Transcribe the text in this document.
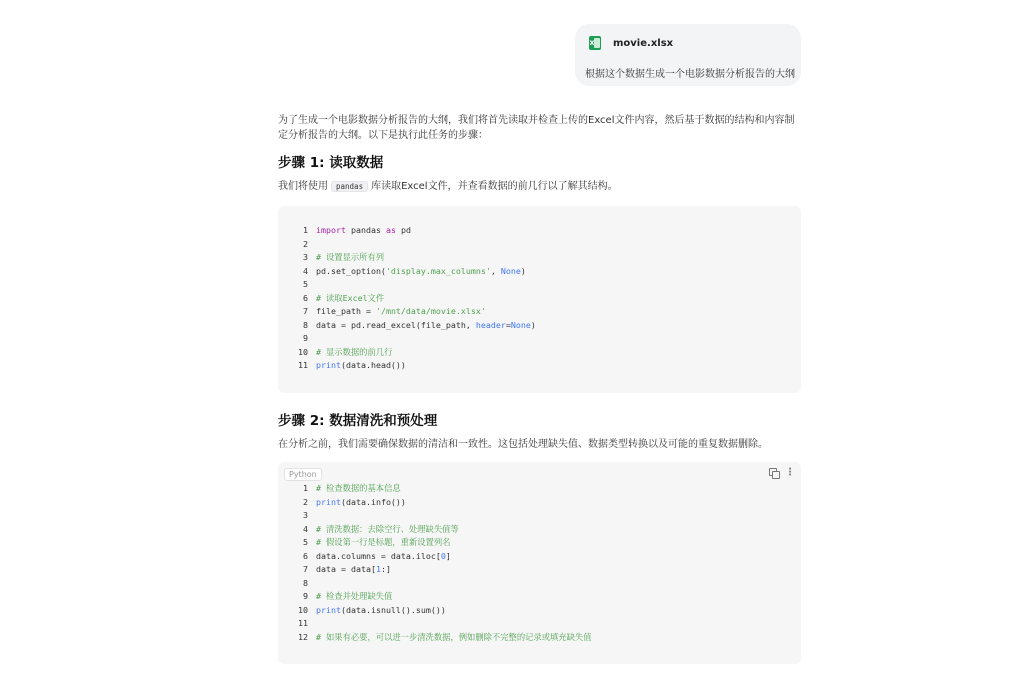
x
movie.xlsx
根据这个数据生成一个电影数据分析报告的大纲
为了生成一个电影数据分析报告的大纲，我们将首先读取并检查上传的Excel文件内容，然后基于数据的结构和内容制定分析报告的大纲。以下是执行此任务的步骤：
步骤 1: 读取数据
我们将使用 pandas 库读取Excel文件，并查看数据的前几行以了解其结构。
1 import pandas as pd
2
3 # 设置显示所有列
4 pd.set_option('display.max_columns', None)
5
6 # 读取Excel文件
7 file_path = '/mnt/data/movie.xlsx'
8 data = pd.read_excel(file_path, header=None)
9
10 # 显示数据的前几行
11 print(data.head())
步骤 2: 数据清洗和预处理
在分析之前，我们需要确保数据的清洁和一致性。这包括处理缺失值、数据类型转换以及可能的重复数据删除。
Python	⋮
1 # 检查数据的基本信息
2 print(data.info())
3
4 # 清洗数据：去除空行、处理缺失值等
5 # 假设第一行是标题，重新设置列名
6 data.columns = data.iloc[0]
7 data = data[1:]
8
9 # 检查并处理缺失值
10 print(data.isnull().sum())
11
12 # 如果有必要，可以进一步清洗数据，例如删除不完整的记录或填充缺失值
